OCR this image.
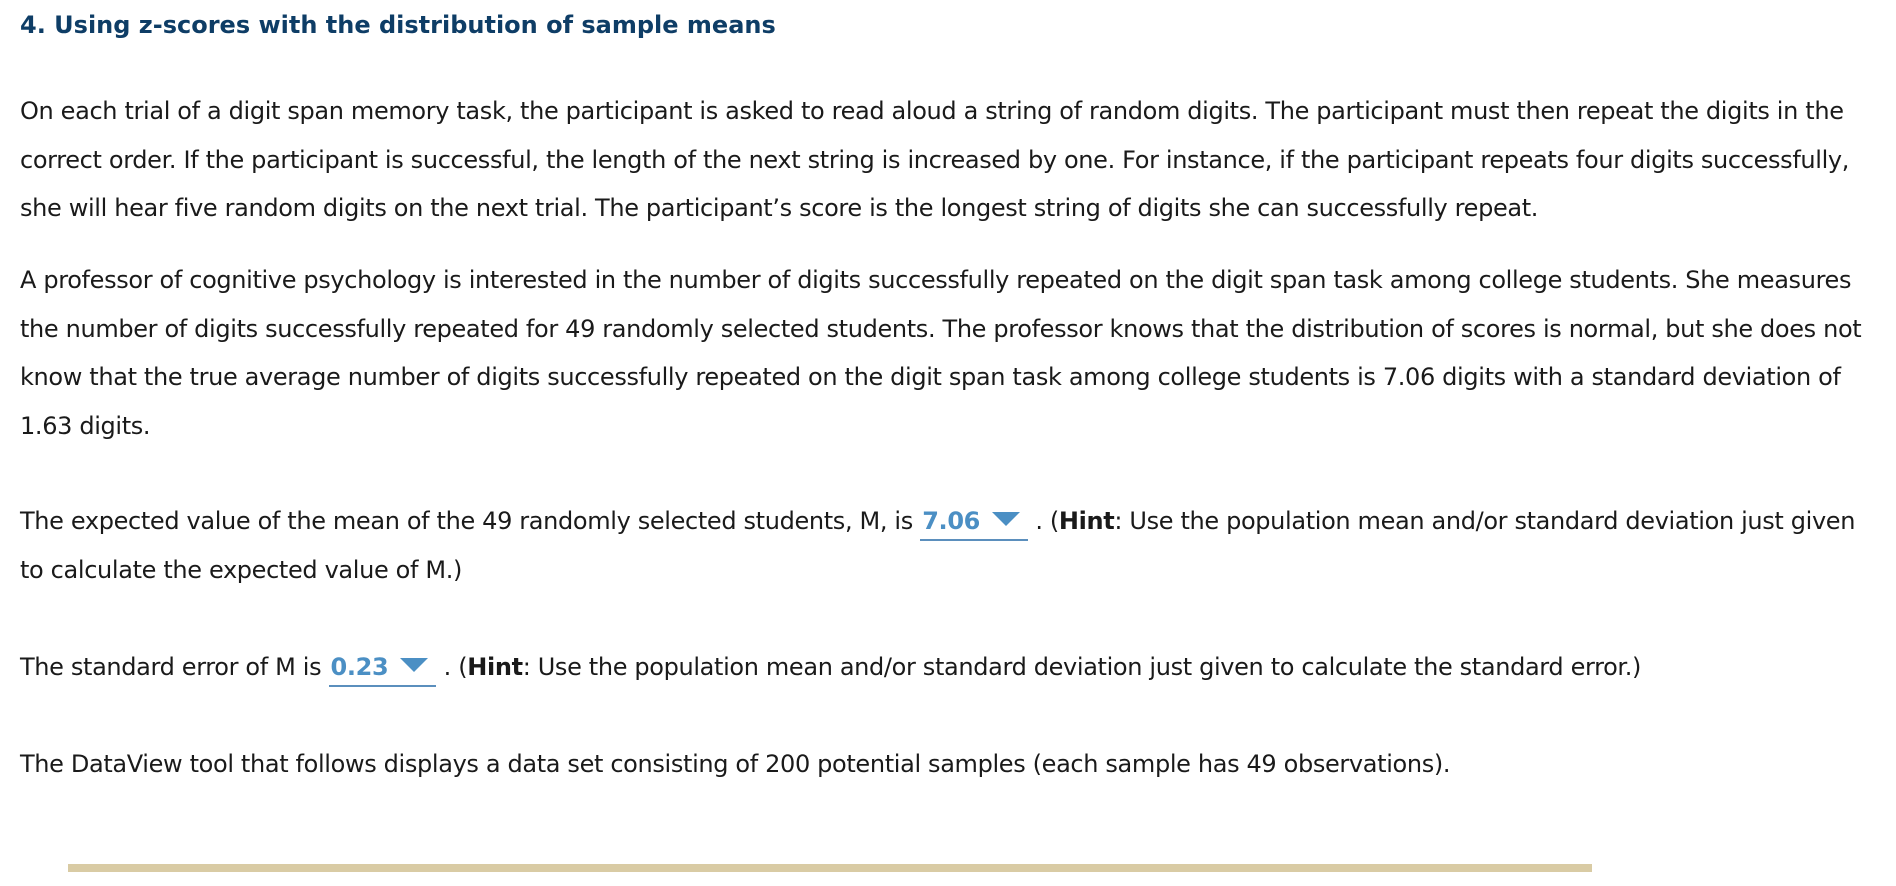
4. Using z-scores with the distribution of sample means

On each trial of a digit span memory task, the participant is asked to read aloud a string of random digits. The participant must then repeat the digits in the correct order. If the participant is successful, the length of the next string is increased by one. For instance, if the participant repeats four digits successfully, she will hear five random digits on the next trial. The participant’s score is the longest string of digits she can successfully repeat.

A professor of cognitive psychology is interested in the number of digits successfully repeated on the digit span task among college students. She measures the number of digits successfully repeated for 49 randomly selected students. The professor knows that the distribution of scores is normal, but she does not know that the true average number of digits successfully repeated on the digit span task among college students is 7.06 digits with a standard deviation of 1.63 digits.

The expected value of the mean of the 49 randomly selected students, M, is 7.06 . (Hint: Use the population mean and/or standard deviation just given to calculate the expected value of M.)

The standard error of M is 0.23 . (Hint: Use the population mean and/or standard deviation just given to calculate the standard error.)

The DataView tool that follows displays a data set consisting of 200 potential samples (each sample has 49 observations).
